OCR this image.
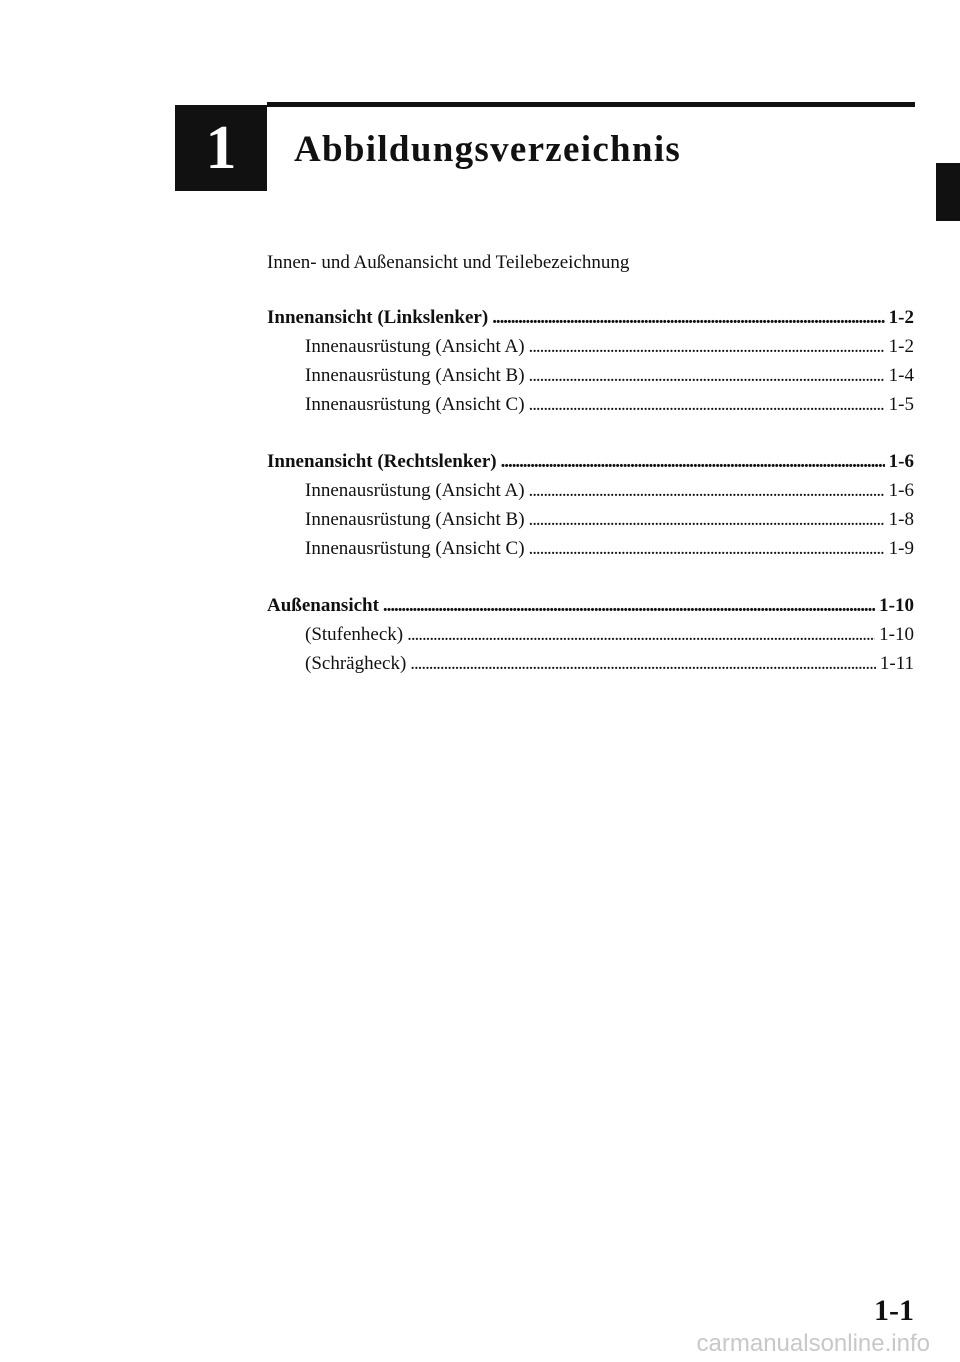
1 Abbildungsverzeichnis
Innen- und Außenansicht und Teilebezeichnung
Innenansicht (Linkslenker) . . .	1-2
Innenausrüstung (Ansicht A) . . .	1-2
Innenausrüstung (Ansicht B) . . .	1-4
Innenausrüstung (Ansicht C) . . .	1-5
Innenansicht (Rechtslenker) . . .	1-6
Innenausrüstung (Ansicht A) . . .	1-6
Innenausrüstung (Ansicht B) . . .	1-8
Innenausrüstung (Ansicht C) . . .	1-9
Außenansicht . . .	1-10
(Stufenheck) . . .	1-10
(Schrägheck) . . .	1-11
1-1
carmanualsonline.info
